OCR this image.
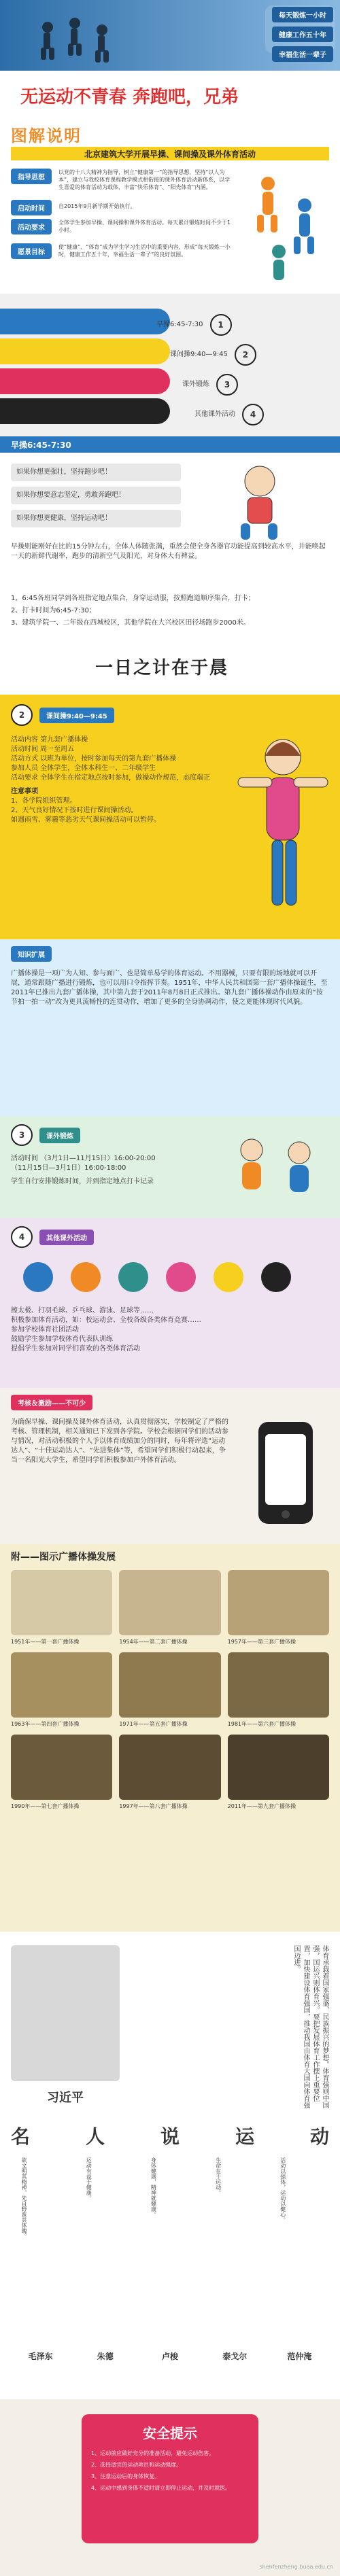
每天锻炼一小时
健康工作五十年
幸福生活一辈子
无运动不青春 奔跑吧，兄弟
图解说明
北京建筑大学开展早操、课间操及课外体育活动
指导思想
以党的十八大精神为指导，树立“健康第一”的指导思想，坚持“以人为本”，建立与我校体育课程教学模式相衔接的课外体育活动新体系，以学生喜爱的体育活动为载体，丰富“快乐体育”、“阳光体育”内涵。
启动时间	自2015年9月新学期开始执行。
活动要求
全体学生参加早操、课间操和课外体育活动。每天累计锻炼时间不少于1小时。
愿景目标
使“健康”、“体育”成为学生学习生活中的重要内容，形成“每天锻炼一小时，健康工作五十年，幸福生活一辈子”的良好氛围。
早操6:45-7:30	1
课间操9:40—9:45	2
课外锻炼	3
其他课外活动	4
早操6:45-7:30
如果你想更强壮，坚持跑步吧！
如果你想要意志坚定，勇敢奔跑吧！
如果你想更健康，坚持运动吧！
早操则能刚好在比的15分钟左右，全体人体随张满，重然会使全身各器官功能提高到较高水平，并能唤起一天的新鲜代谢率，跑步的清新空气及阳光，对身体大有裨益。
1、6:45各班同学到各班指定地点集合，身穿运动服，按照跑道顺序集合，打卡；
2、打卡时间为6:45-7:30；
3、建筑学院一、二年级在西城校区，其他学院在大兴校区田径场跑步2000米。
一日之计在于晨
2	课间操9:40—9:45
活动内容 第九套广播体操
活动时间 周一至周五
活动方式 以班为单位，按时参加每天的第九套广播体操
参加人员 全体学生，全体本科生一、二年级学生
活动要求 全体学生在指定地点按时参加，做操动作规范，态度端正
注意事项
1、各学院组织管理。
2、天气良好情况下按时进行课间操活动。
如遇雨雪、雾霾等恶劣天气课间操活动可以暂停。
知识扩展
广播体操是一项广为人知、参与面广、也是简单易学的体育运动。不用器械，只要有限的场地就可以开展，通常跟随广播进行锻炼，也可以用口令指挥节奏。1951年，中华人民共和国第一套广播体操诞生，至2011年已推出九套广播体操，其中第九套于2011年8月8日正式推出。第九套广播体操动作由原来的“按节拍一拍一动”改为更具流畅性的连贯动作，增加了更多的全身协调动作，使之更能体现时代风貌。
3	课外锻炼
活动时间 （3月1日—11月15日）16:00-20:00
（11月15日—3月1日）16:00-18:00
学生自行安排锻炼时间，并到指定地点打卡记录
4	其他课外活动
擦太极、打羽毛球、乒乓球、游泳、足球等……
积极参加体育活动，如：校运动会、全校各级各类体育竞赛……
参加学校体育社团活动
鼓励学生参加学校体育代表队训练
提倡学生参加对同学们喜欢的各类体育活动
考核＆激励——不可少
为确保早操、课间操及课外体育活动，认真贯彻落实，学校制定了严格的考核、管理机制，相关通知已下发到各学院。学校会根据同学们的活动参与情况，对活动积极的个人予以体育成绩加分的同时，每年将评选“运动达人”、“十佳运动达人”、“先进集体”等，希望同学们积极行动起来，争当一名阳光大学生，希望同学们积极参加户外体育活动。
附——图示广播体操发展
1951年——第一套广播体操	1954年——第二套广播体操	1957年——第三套广播体操
1963年——第四套广播体操	1971年——第五套广播体操	1981年——第六套广播体操
1990年——第七套广播体操	1997年——第八套广播体操	2011年——第九套广播体操
习近平	体育承载着国家强盛、民族振兴的梦想。体育强则中国强，国运兴则体育兴。要把发展体育工作摆上重要位置，加快建设体育强国，推动我国由体育大国向体育强国迈进。
名	人	说	运	动
欲文明其精神，先自野蛮其体魄。
毛泽东
运动有益于健康。
朱德
身体健康，精神就健康。
卢梭
生命在于运动。
泰戈尔
活动以强体，运动以健心。
范仲淹
安全提示
1、运动前应做好充分的准备活动，避免运动伤害。
2、选择适宜的运动项目和运动强度。
3、注意运动后的身体恢复。
4、运动中感到身体不适时请立即停止运动，并及时就医。
shenfenzheng.buaa.edu.cn
